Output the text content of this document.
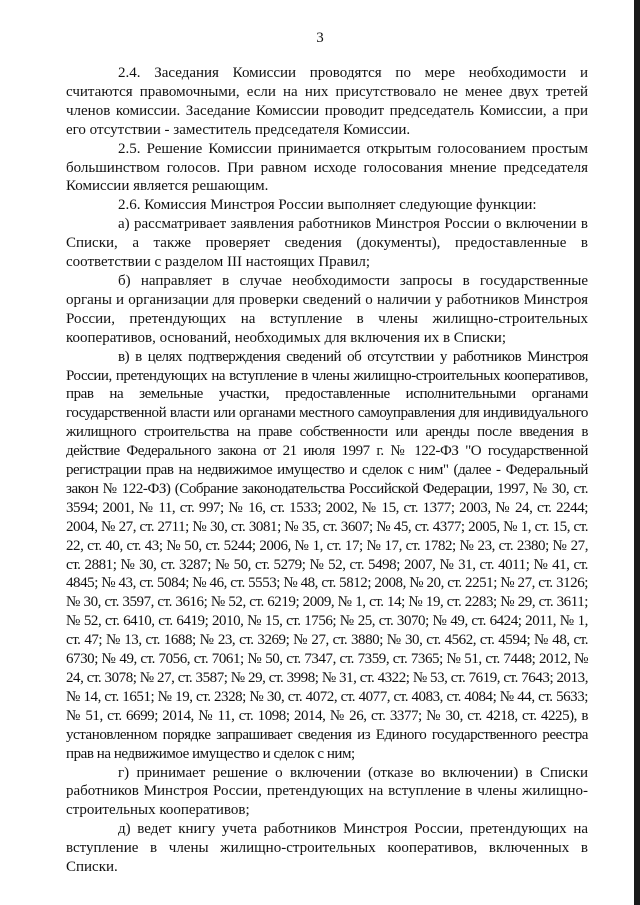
3

2.4. Заседания Комиссии проводятся по мере необходимости и считаются правомочными, если на них присутствовало не менее двух третей членов комиссии. Заседание Комиссии проводит председатель Комиссии, а при его отсутствии - заместитель председателя Комиссии.

2.5. Решение Комиссии принимается открытым голосованием простым большинством голосов. При равном исходе голосования мнение председателя Комиссии является решающим.

2.6. Комиссия Минстроя России выполняет следующие функции:

а) рассматривает заявления работников Минстроя России о включении в Списки, а также проверяет сведения (документы), предоставленные в соответствии с разделом III настоящих Правил;

б) направляет в случае необходимости запросы в государственные органы и организации для проверки сведений о наличии у работников Минстроя России, претендующих на вступление в члены жилищно-строительных кооперативов, оснований, необходимых для включения их в Списки;

в) в целях подтверждения сведений об отсутствии у работников Минстроя России, претендующих на вступление в члены жилищно-строительных кооперативов, прав на земельные участки, предоставленные исполнительными органами государственной власти или органами местного самоуправления для индивидуального жилищного строительства на праве собственности или аренды после введения в действие Федерального закона от 21 июля 1997 г. № 122-ФЗ "О государственной регистрации прав на недвижимое имущество и сделок с ним" (далее - Федеральный закон № 122-ФЗ) (Собрание законодательства Российской Федерации, 1997, № 30, ст. 3594; 2001, № 11, ст. 997; № 16, ст. 1533; 2002, № 15, ст. 1377; 2003, № 24, ст. 2244; 2004, № 27, ст. 2711; № 30, ст. 3081; № 35, ст. 3607; № 45, ст. 4377; 2005, № 1, ст. 15, ст. 22, ст. 40, ст. 43; № 50, ст. 5244; 2006, № 1, ст. 17; № 17, ст. 1782; № 23, ст. 2380; № 27, ст. 2881; № 30, ст. 3287; № 50, ст. 5279; № 52, ст. 5498; 2007, № 31, ст. 4011; № 41, ст. 4845; № 43, ст. 5084; № 46, ст. 5553; № 48, ст. 5812; 2008, № 20, ст. 2251; № 27, ст. 3126; № 30, ст. 3597, ст. 3616; № 52, ст. 6219; 2009, № 1, ст. 14; № 19, ст. 2283; № 29, ст. 3611; № 52, ст. 6410, ст. 6419; 2010, № 15, ст. 1756; № 25, ст. 3070; № 49, ст. 6424; 2011, № 1, ст. 47; № 13, ст. 1688; № 23, ст. 3269; № 27, ст. 3880; № 30, ст. 4562, ст. 4594; № 48, ст. 6730; № 49, ст. 7056, ст. 7061; № 50, ст. 7347, ст. 7359, ст. 7365; № 51, ст. 7448; 2012, № 24, ст. 3078; № 27, ст. 3587; № 29, ст. 3998; № 31, ст. 4322; № 53, ст. 7619, ст. 7643; 2013, № 14, ст. 1651; № 19, ст. 2328; № 30, ст. 4072, ст. 4077, ст. 4083, ст. 4084; № 44, ст. 5633; № 51, ст. 6699; 2014, № 11, ст. 1098; 2014, № 26, ст. 3377; № 30, ст. 4218, ст. 4225), в установленном порядке запрашивает сведения из Единого государственного реестра прав на недвижимое имущество и сделок с ним;

г) принимает решение о включении (отказе во включении) в Списки работников Минстроя России, претендующих на вступление в члены жилищно-строительных кооперативов;

д) ведет книгу учета работников Минстроя России, претендующих на вступление в члены жилищно-строительных кооперативов, включенных в Списки.
